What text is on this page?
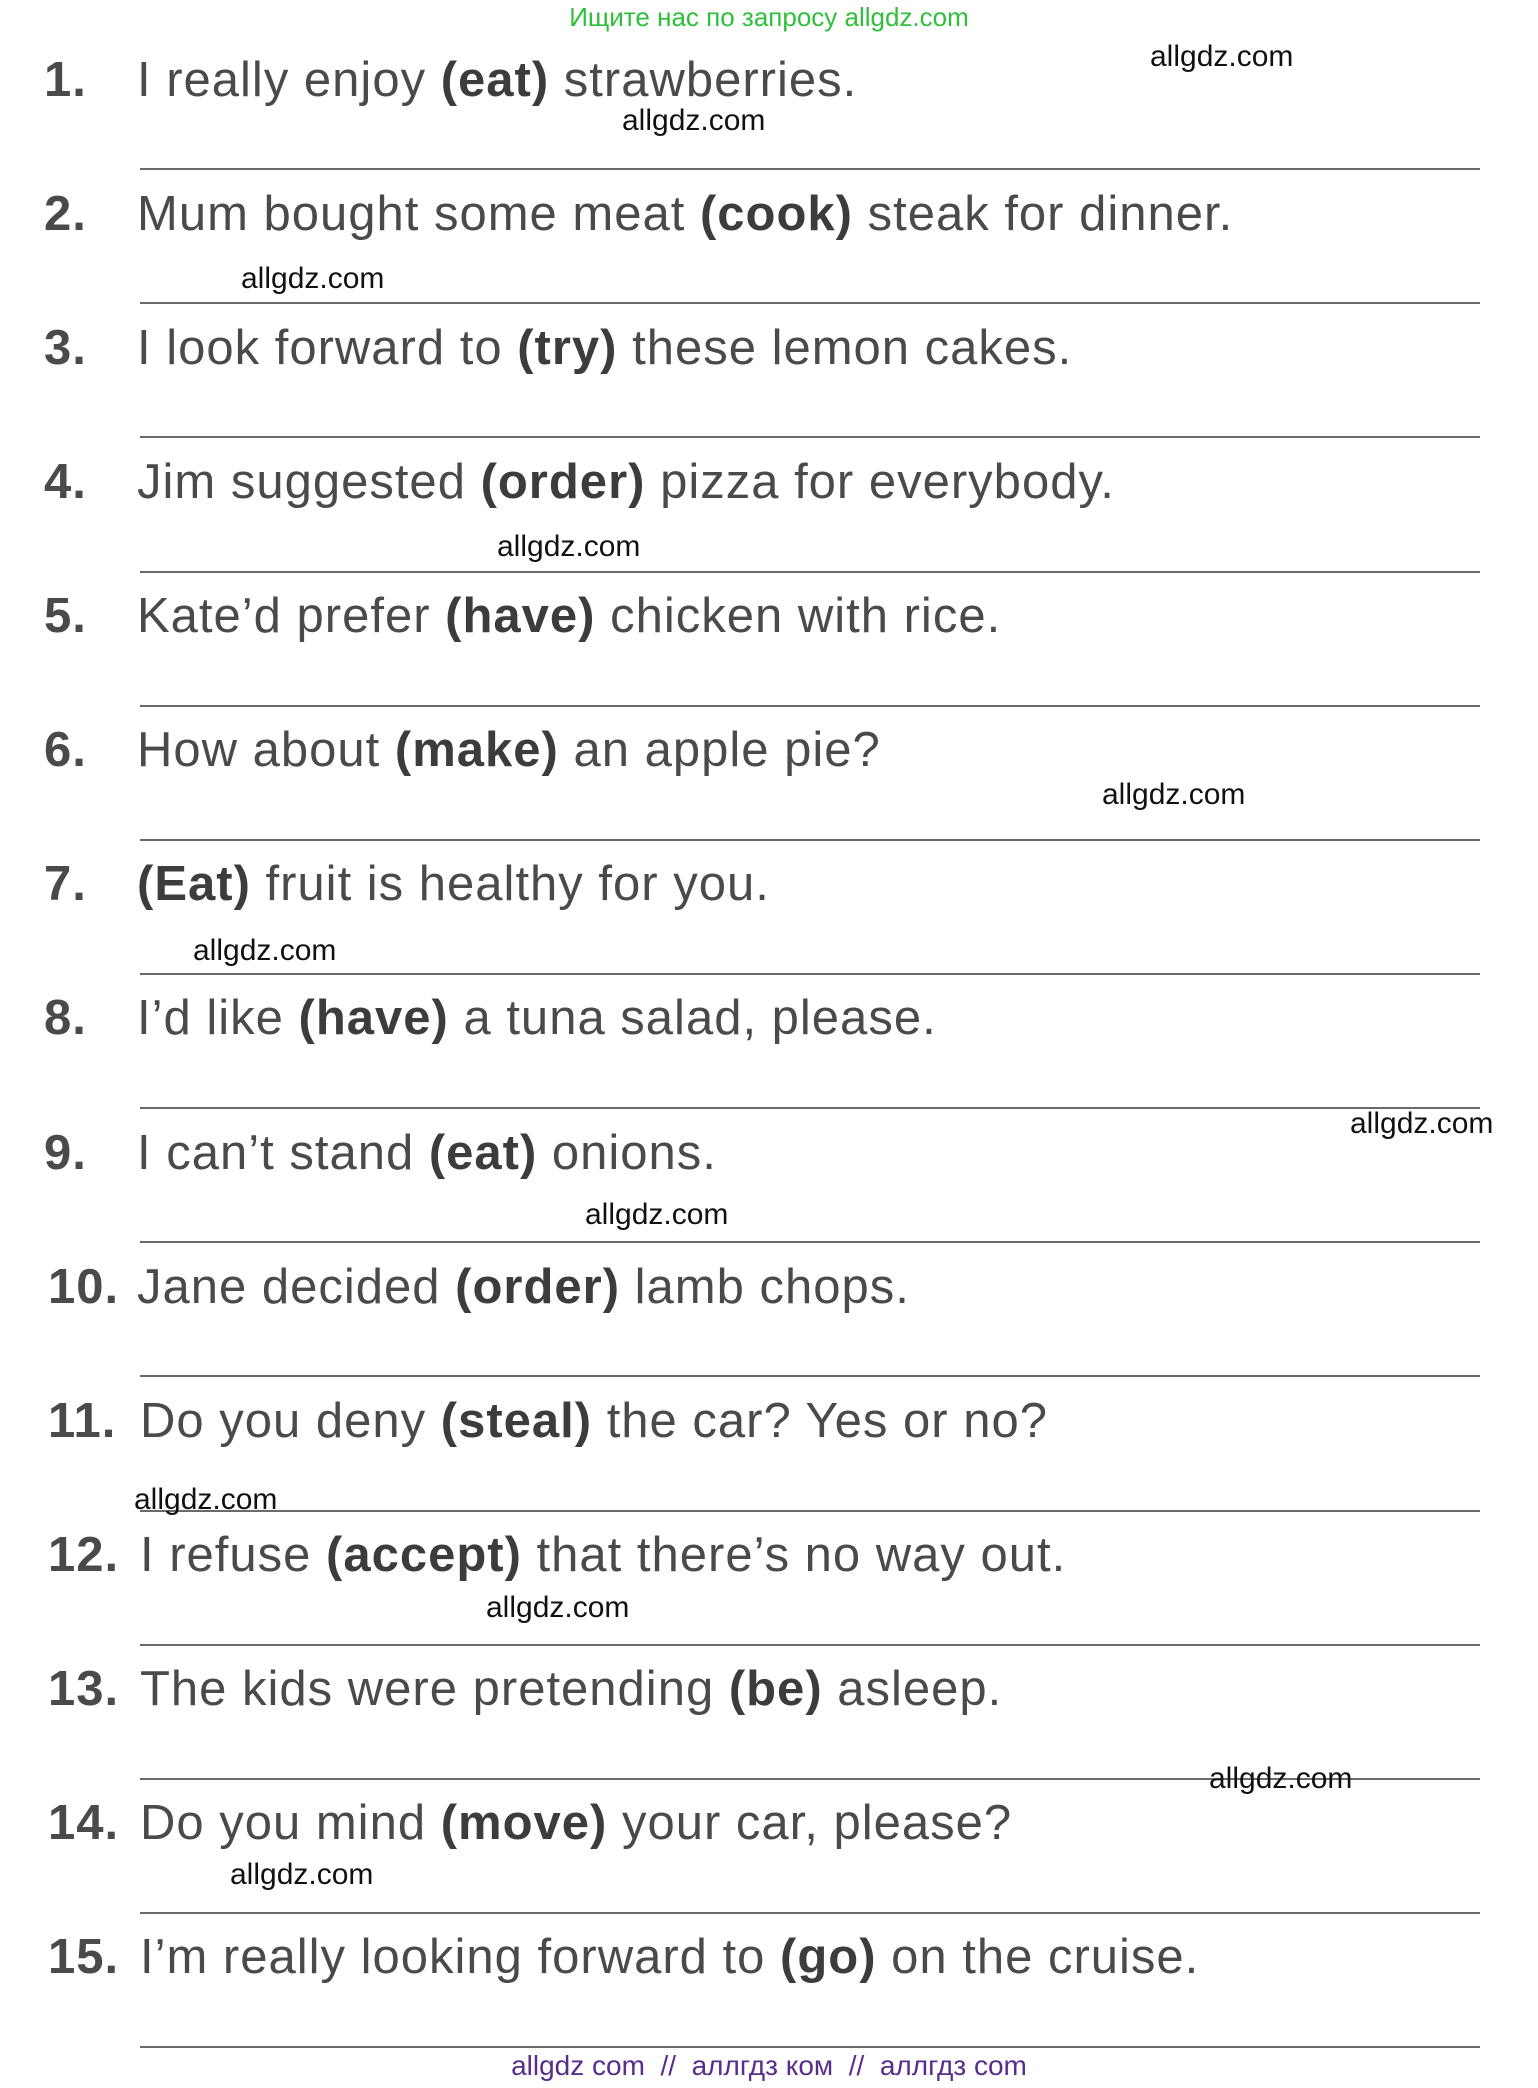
Ищите нас по запросу allgdz.com
1. I really enjoy (eat) strawberries.
2. Mum bought some meat (cook) steak for dinner.
3. I look forward to (try) these lemon cakes.
4. Jim suggested (order) pizza for everybody.
5. Kate’d prefer (have) chicken with rice.
6. How about (make) an apple pie?
7. (Eat) fruit is healthy for you.
8. I’d like (have) a tuna salad, please.
9. I can’t stand (eat) onions.
10. Jane decided (order) lamb chops.
11. Do you deny (steal) the car? Yes or no?
12. I refuse (accept) that there’s no way out.
13. The kids were pretending (be) asleep.
14. Do you mind (move) your car, please?
15. I’m really looking forward to (go) on the cruise.
allgdz.com
allgdz.com
allgdz.com
allgdz.com
allgdz.com
allgdz.com
allgdz.com
allgdz.com
allgdz.com
allgdz.com
allgdz.com
allgdz.com
allgdz com  //  аллгдз ком  //  аллгдз com
